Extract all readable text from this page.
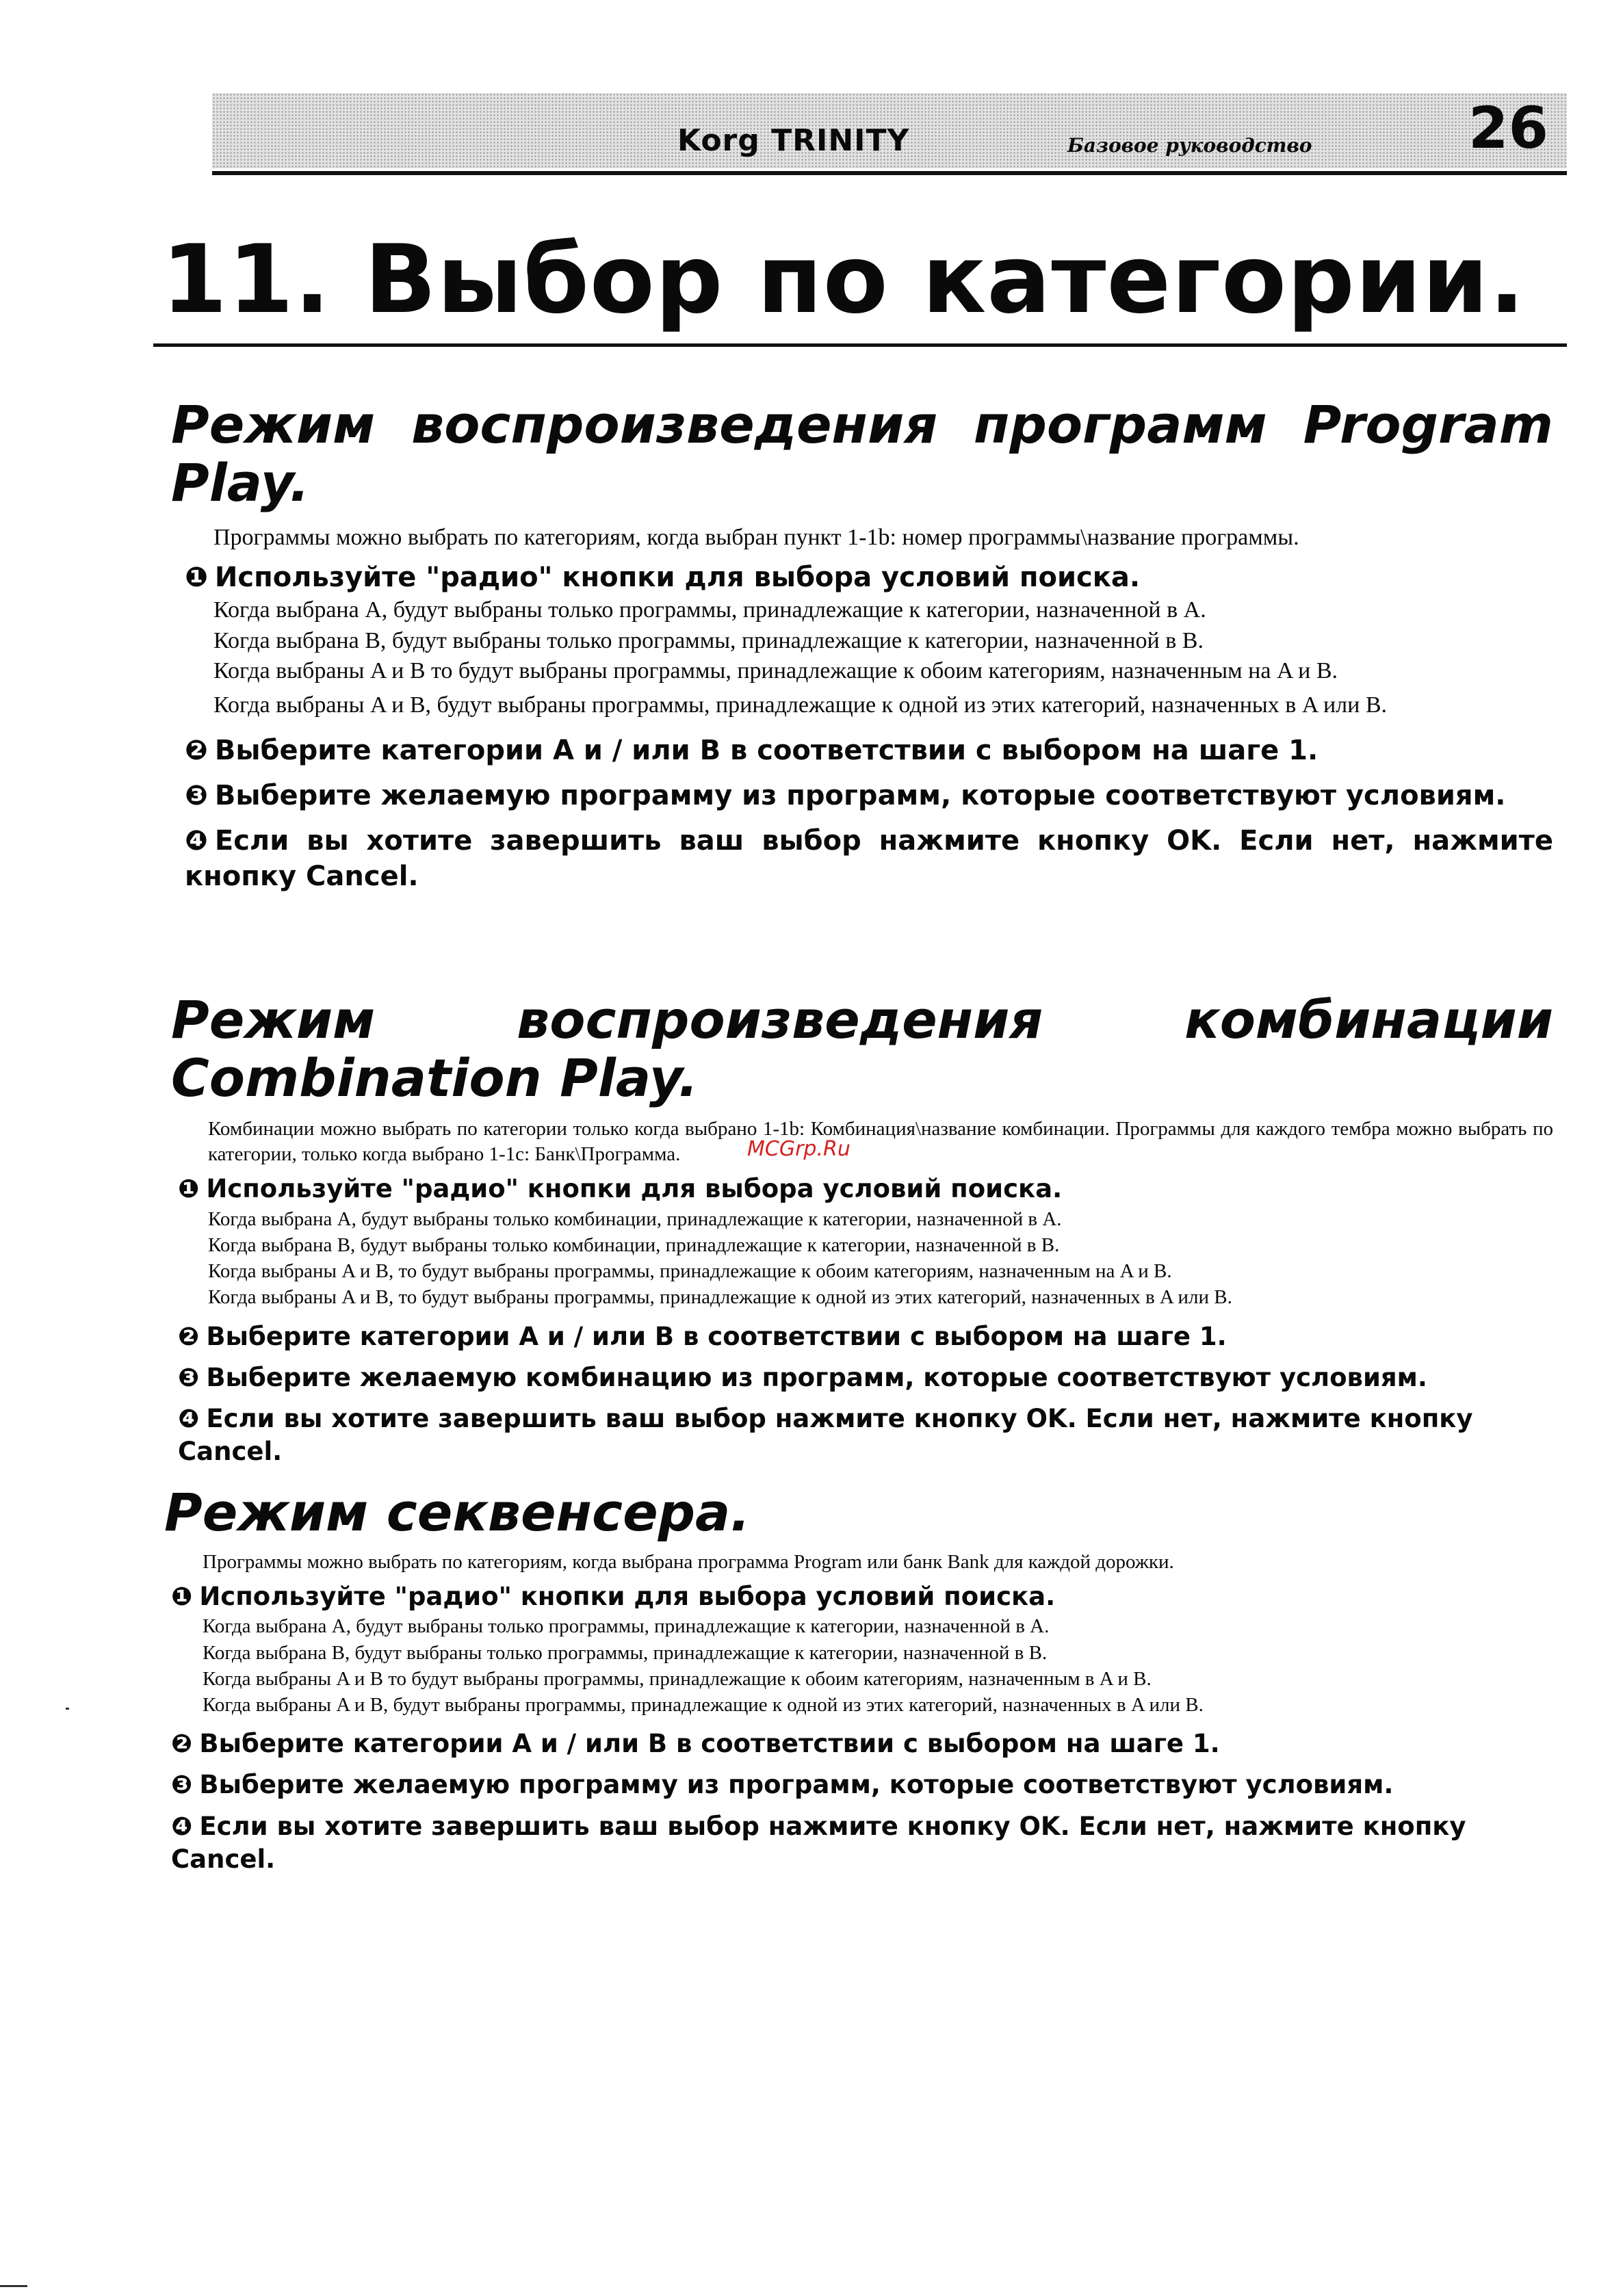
Korg TRINITY	Базовое руководство	26
11. Выбор по категории.
Режим воспроизведения программ Program
Play.

Программы можно выбрать по категориям, когда выбран пункт 1-1b: номер программы\название программы.

❶ Используйте "радио" кнопки для выбора условий поиска.

Когда выбрана A, будут выбраны только программы, принадлежащие к категории, назначенной в A.

Когда выбрана B, будут выбраны только программы, принадлежащие к категории, назначенной в B.

Когда выбраны A и B то будут выбраны программы, принадлежащие к обоим категориям, назначенным на A и B.

Когда выбраны A и B, будут выбраны программы, принадлежащие к одной из этих категорий, назначенных в A или B.

❷ Выберите категории A и / или B в соответствии с выбором на шаге 1.

❸ Выберите желаемую программу из программ, которые соответствуют условиям.

❹ Если вы хотите завершить ваш выбор нажмите кнопку OK. Если нет, нажмите кнопку Cancel.

Режим	воспроизведения	комбинации
Combination Play.

Комбинации можно выбрать по категории только когда выбрано 1-1b: Комбинация\название комбинации. Программы для каждого тембра можно выбрать по категории, только когда выбрано 1-1c: Банк\Программа.

❶ Используйте "радио" кнопки для выбора условий поиска.

Когда выбрана A, будут выбраны только комбинации, принадлежащие к категории, назначенной в A.

Когда выбрана B, будут выбраны только комбинации, принадлежащие к категории, назначенной в B.

Когда выбраны A и B, то будут выбраны программы, принадлежащие к обоим категориям, назначенным на A и B.

Когда выбраны A и B, то будут выбраны программы, принадлежащие к одной из этих категорий, назначенных в A или B.

❷ Выберите категории A и / или B в соответствии с выбором на шаге 1.

❸ Выберите желаемую комбинацию из программ, которые соответствуют условиям.

❹ Если вы хотите завершить ваш выбор нажмите кнопку OK. Если нет, нажмите кнопку Cancel.

MCGrp.Ru
Режим секвенсера.

Программы можно выбрать по категориям, когда выбрана программа Program или банк Bank для каждой дорожки.

❶ Используйте "радио" кнопки для выбора условий поиска.

Когда выбрана A, будут выбраны только программы, принадлежащие к категории, назначенной в A.

Когда выбрана B, будут выбраны только программы, принадлежащие к категории, назначенной в B.

Когда выбраны A и B то будут выбраны программы, принадлежащие к обоим категориям, назначенным в A и B.

Когда выбраны A и B, будут выбраны программы, принадлежащие к одной из этих категорий, назначенных в A или B.

❷ Выберите категории A и / или B в соответствии с выбором на шаге 1.

❸ Выберите желаемую программу из программ, которые соответствуют условиям.

❹ Если вы хотите завершить ваш выбор нажмите кнопку OK. Если нет, нажмите кнопку Cancel.
